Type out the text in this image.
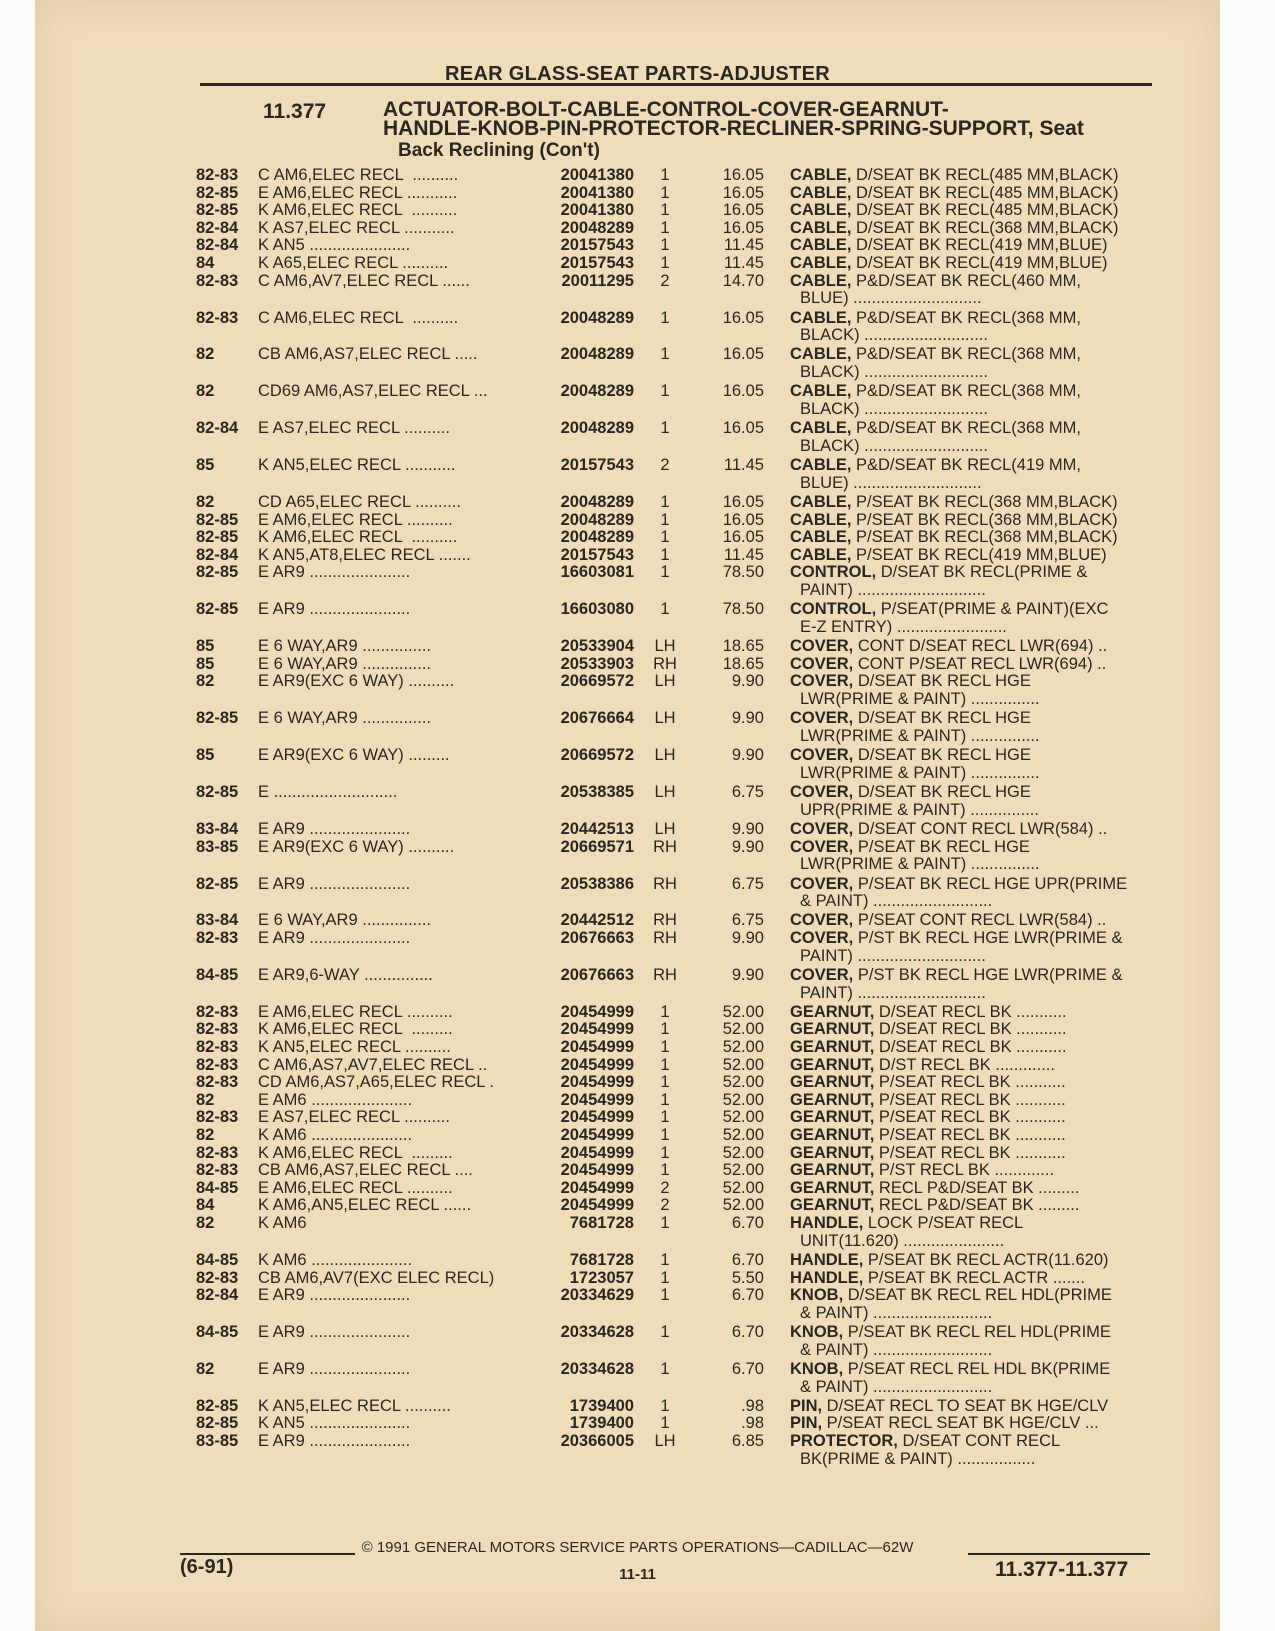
REAR GLASS-SEAT PARTS-ADJUSTER
11.377	ACTUATOR-BOLT-CABLE-CONTROL-COVER-GEARNUT-
HANDLE-KNOB-PIN-PROTECTOR-RECLINER-SPRING-SUPPORT, Seat
Back Reclining (Con't)
82-83 C AM6,ELEC RECL  ..........	20041380	1	16.05 CABLE, D/SEAT BK RECL(485 MM,BLACK)
82-85 E AM6,ELEC RECL ...........	20041380	1	16.05 CABLE, D/SEAT BK RECL(485 MM,BLACK)
82-85 K AM6,ELEC RECL  ..........	20041380	1	16.05 CABLE, D/SEAT BK RECL(485 MM,BLACK)
82-84 K AS7,ELEC RECL ...........	20048289	1	16.05 CABLE, D/SEAT BK RECL(368 MM,BLACK)
82-84 K AN5 ......................	20157543	1	11.45 CABLE, D/SEAT BK RECL(419 MM,BLUE)
84	K A65,ELEC RECL ..........	20157543	1	11.45 CABLE, D/SEAT BK RECL(419 MM,BLUE)
82-83 C AM6,AV7,ELEC RECL ......	20011295	2	14.70 CABLE, P&D/SEAT BK RECL(460 MM,
BLUE) ............................
82-83 C AM6,ELEC RECL  ..........	20048289	1	16.05 CABLE, P&D/SEAT BK RECL(368 MM,
BLACK) ...........................
82	CB AM6,AS7,ELEC RECL .....	20048289	1	16.05 CABLE, P&D/SEAT BK RECL(368 MM,
BLACK) ...........................
82	CD69 AM6,AS7,ELEC RECL ...	20048289	1	16.05 CABLE, P&D/SEAT BK RECL(368 MM,
BLACK) ...........................
82-84 E AS7,ELEC RECL ..........	20048289	1	16.05 CABLE, P&D/SEAT BK RECL(368 MM,
BLACK) ...........................
85	K AN5,ELEC RECL ...........	20157543	2	11.45 CABLE, P&D/SEAT BK RECL(419 MM,
BLUE) ............................
82	CD A65,ELEC RECL ..........	20048289	1	16.05 CABLE, P/SEAT BK RECL(368 MM,BLACK)
82-85 E AM6,ELEC RECL ..........	20048289	1	16.05 CABLE, P/SEAT BK RECL(368 MM,BLACK)
82-85 K AM6,ELEC RECL  ..........	20048289	1	16.05 CABLE, P/SEAT BK RECL(368 MM,BLACK)
82-84 K AN5,AT8,ELEC RECL .......	20157543	1	11.45 CABLE, P/SEAT BK RECL(419 MM,BLUE)
82-85 E AR9 ......................	16603081	1	78.50 CONTROL, D/SEAT BK RECL(PRIME &
PAINT) ............................
82-85 E AR9 ......................	16603080	1	78.50 CONTROL, P/SEAT(PRIME & PAINT)(EXC
E-Z ENTRY) ........................
85	E 6 WAY,AR9 ...............	20533904 LH	18.65 COVER, CONT D/SEAT RECL LWR(694) ..
85	E 6 WAY,AR9 ...............	20533903 RH	18.65 COVER, CONT P/SEAT RECL LWR(694) ..
82	E AR9(EXC 6 WAY) ..........	20669572 LH	9.90 COVER, D/SEAT BK RECL HGE
LWR(PRIME & PAINT) ...............
82-85 E 6 WAY,AR9 ...............	20676664 LH	9.90 COVER, D/SEAT BK RECL HGE
LWR(PRIME & PAINT) ...............
85	E AR9(EXC 6 WAY) .........	20669572 LH	9.90 COVER, D/SEAT BK RECL HGE
LWR(PRIME & PAINT) ...............
82-85 E ...........................	20538385 LH	6.75 COVER, D/SEAT BK RECL HGE
UPR(PRIME & PAINT) ...............
83-84 E AR9 ......................	20442513 LH	9.90 COVER, D/SEAT CONT RECL LWR(584) ..
83-85 E AR9(EXC 6 WAY) ..........	20669571 RH	9.90 COVER, P/SEAT BK RECL HGE
LWR(PRIME & PAINT) ...............
82-85 E AR9 ......................	20538386 RH	6.75 COVER, P/SEAT BK RECL HGE UPR(PRIME
& PAINT) ..........................
83-84 E 6 WAY,AR9 ...............	20442512 RH	6.75 COVER, P/SEAT CONT RECL LWR(584) ..
82-83 E AR9 ......................	20676663 RH	9.90 COVER, P/ST BK RECL HGE LWR(PRIME &
PAINT) ............................
84-85 E AR9,6-WAY ...............	20676663 RH	9.90 COVER, P/ST BK RECL HGE LWR(PRIME &
PAINT) ............................
82-83 E AM6,ELEC RECL ..........	20454999	1	52.00 GEARNUT, D/SEAT RECL BK ...........
82-83 K AM6,ELEC RECL  .........	20454999	1	52.00 GEARNUT, D/SEAT RECL BK ...........
82-83 K AN5,ELEC RECL ..........	20454999	1	52.00 GEARNUT, D/SEAT RECL BK ...........
82-83 C AM6,AS7,AV7,ELEC RECL ..	20454999	1	52.00 GEARNUT, D/ST RECL BK .............
82-83 CD AM6,AS7,A65,ELEC RECL .	20454999	1	52.00 GEARNUT, P/SEAT RECL BK ...........
82	E AM6 ......................	20454999	1	52.00 GEARNUT, P/SEAT RECL BK ...........
82-83 E AS7,ELEC RECL ..........	20454999	1	52.00 GEARNUT, P/SEAT RECL BK ...........
82	K AM6 ......................	20454999	1	52.00 GEARNUT, P/SEAT RECL BK ...........
82-83 K AM6,ELEC RECL  .........	20454999	1	52.00 GEARNUT, P/SEAT RECL BK ...........
82-83 CB AM6,AS7,ELEC RECL ....	20454999	1	52.00 GEARNUT, P/ST RECL BK .............
84-85 E AM6,ELEC RECL ..........	20454999	2	52.00 GEARNUT, RECL P&D/SEAT BK .........
84	K AM6,AN5,ELEC RECL ......	20454999	2	52.00 GEARNUT, RECL P&D/SEAT BK .........
82	K AM6	7681728	1	6.70 HANDLE, LOCK P/SEAT RECL
UNIT(11.620) ......................
84-85 K AM6 ......................	7681728	1	6.70 HANDLE, P/SEAT BK RECL ACTR(11.620)
82-83 CB AM6,AV7(EXC ELEC RECL)	1723057	1	5.50 HANDLE, P/SEAT BK RECL ACTR .......
82-84 E AR9 ......................	20334629	1	6.70 KNOB, D/SEAT BK RECL REL HDL(PRIME
& PAINT) ..........................
84-85 E AR9 ......................	20334628	1	6.70 KNOB, P/SEAT BK RECL REL HDL(PRIME
& PAINT) ..........................
82	E AR9 ......................	20334628	1	6.70 KNOB, P/SEAT RECL REL HDL BK(PRIME
& PAINT) ..........................
82-85 K AN5,ELEC RECL ..........	1739400	1	.98 PIN, D/SEAT RECL TO SEAT BK HGE/CLV
82-85 K AN5 ......................	1739400	1	.98 PIN, P/SEAT RECL SEAT BK HGE/CLV ...
83-85 E AR9 ......................	20366005 LH	6.85 PROTECTOR, D/SEAT CONT RECL
BK(PRIME & PAINT) .................
© 1991 GENERAL MOTORS SERVICE PARTS OPERATIONS—CADILLAC—62W
(6-91)	11-11	11.377-11.377
